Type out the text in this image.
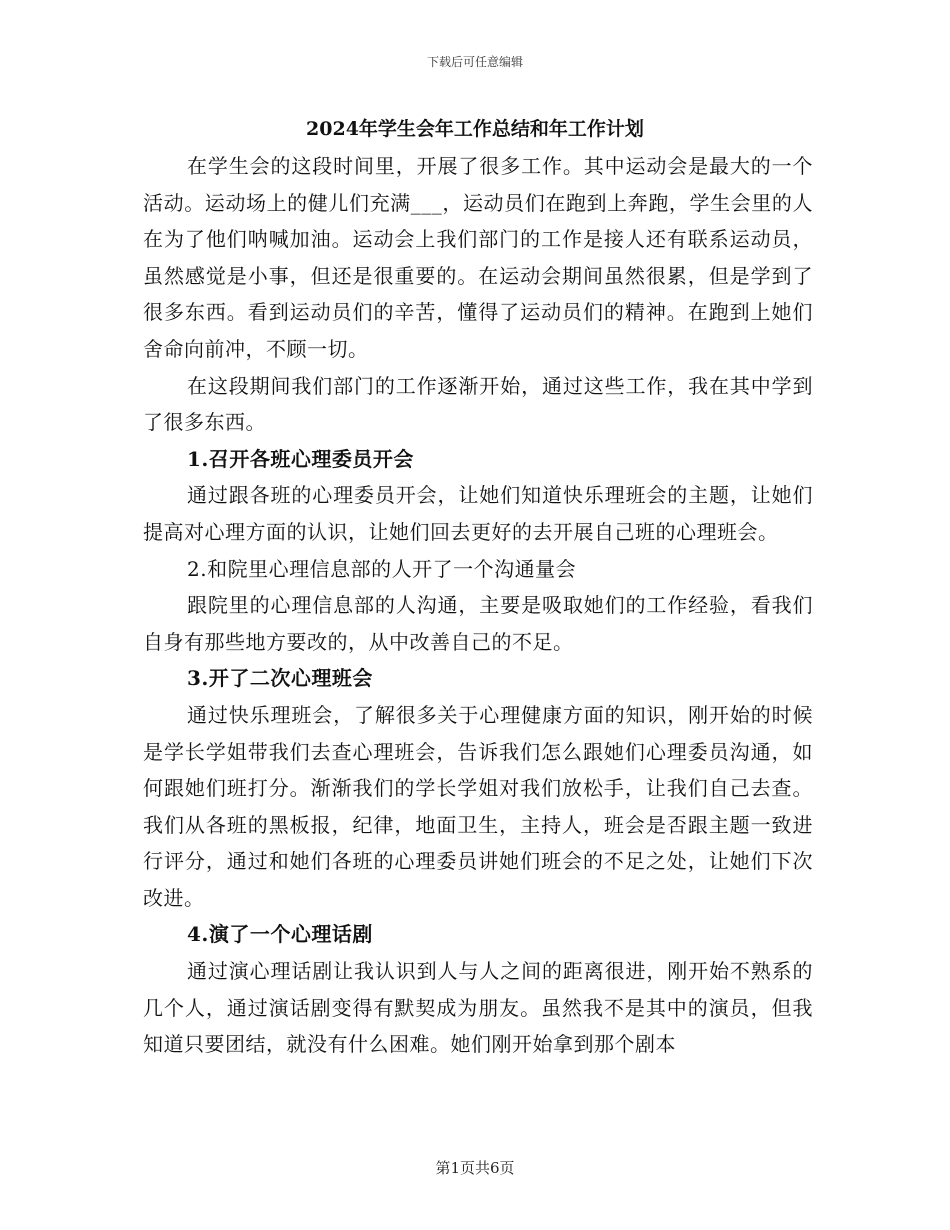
下载后可任意编辑
2024年学生会年工作总结和年工作计划

在学生会的这段时间里，开展了很多工作。其中运动会是最大的一个活动。运动场上的健儿们充满___，运动员们在跑到上奔跑，学生会里的人在为了他们呐喊加油。运动会上我们部门的工作是接人还有联系运动员，虽然感觉是小事，但还是很重要的。在运动会期间虽然很累，但是学到了很多东西。看到运动员们的辛苦，懂得了运动员们的精神。在跑到上她们舍命向前冲，不顾一切。

在这段期间我们部门的工作逐渐开始，通过这些工作，我在其中学到了很多东西。

1.召开各班心理委员开会

通过跟各班的心理委员开会，让她们知道快乐理班会的主题，让她们提高对心理方面的认识，让她们回去更好的去开展自己班的心理班会。

2.和院里心理信息部的人开了一个沟通量会

跟院里的心理信息部的人沟通，主要是吸取她们的工作经验，看我们自身有那些地方要改的，从中改善自己的不足。

3.开了二次心理班会

通过快乐理班会，了解很多关于心理健康方面的知识，刚开始的时候是学长学姐带我们去查心理班会，告诉我们怎么跟她们心理委员沟通，如何跟她们班打分。渐渐我们的学长学姐对我们放松手，让我们自己去查。我们从各班的黑板报，纪律，地面卫生，主持人，班会是否跟主题一致进行评分，通过和她们各班的心理委员讲她们班会的不足之处，让她们下次改进。

4.演了一个心理话剧

通过演心理话剧让我认识到人与人之间的距离很进，刚开始不熟系的几个人，通过演话剧变得有默契成为朋友。虽然我不是其中的演员，但我知道只要团结，就没有什么困难。她们刚开始拿到那个剧本

第1页共6页
